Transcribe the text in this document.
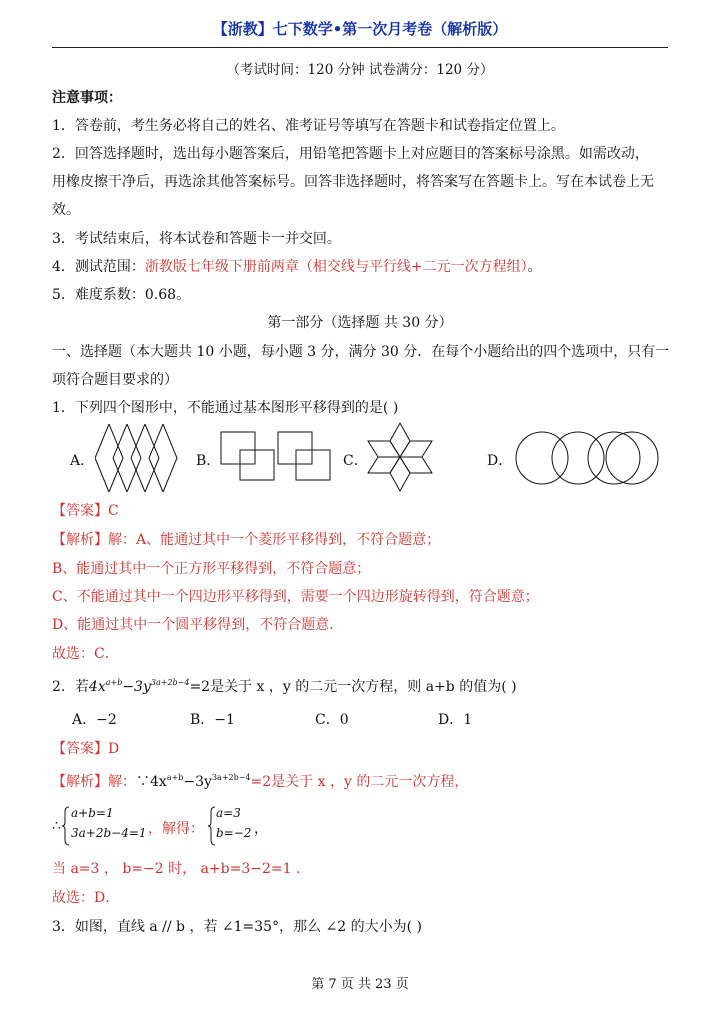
【浙教】七下数学•第一次月考卷（解析版）
（考试时间：120 分钟 试卷满分：120 分）
注意事项：
1．答卷前，考生务必将自己的姓名、准考证号等填写在答题卡和试卷指定位置上。
2．回答选择题时，选出每小题答案后，用铅笔把答题卡上对应题目的答案标号涂黑。如需改动，
用橡皮擦干净后，再选涂其他答案标号。回答非选择题时，将答案写在答题卡上。写在本试卷上无
效。
3．考试结束后，将本试卷和答题卡一并交回。
4．测试范围：浙教版七年级下册前两章（相交线与平行线+二元一次方程组）。
5．难度系数：0.68。
第一部分（选择题 共 30 分）
一、选择题（本大题共 10 小题，每小题 3 分，满分 30 分．在每个小题给出的四个选项中，只有一
项符合题目要求的）
1．下列四个图形中，不能通过基本图形平移得到的是( )
A．	B．	C．	D．
【答案】C
【解析】解：A、能通过其中一个菱形平移得到，不符合题意；
B、能通过其中一个正方形平移得到，不符合题意；
C、不能通过其中一个四边形平移得到，需要一个四边形旋转得到，符合题意；
D、能通过其中一个圆平移得到，不符合题意．
故选：C．
2．若$4x^{a+b}-3y^{3a+2b-4}=2$是关于 x ，y 的二元一次方程，则 a+b 的值为( )
A．−2	B．−1	C．0	D．1
【答案】D
【解析】解：$\because 4x^{a+b}-3y^{3a+2b-4}=2$是关于 x ，y 的二元一次方程，
∴
a+b=1
3a+2b−4=1 ，解得：
a=3
b=−2 ，
当 a=3 ， b=−2 时， a+b=3−2=1 .
故选：D．
3．如图，直线 a // b ，若 ∠1=35°，那么 ∠2 的大小为( )
第 7 页 共 23 页
